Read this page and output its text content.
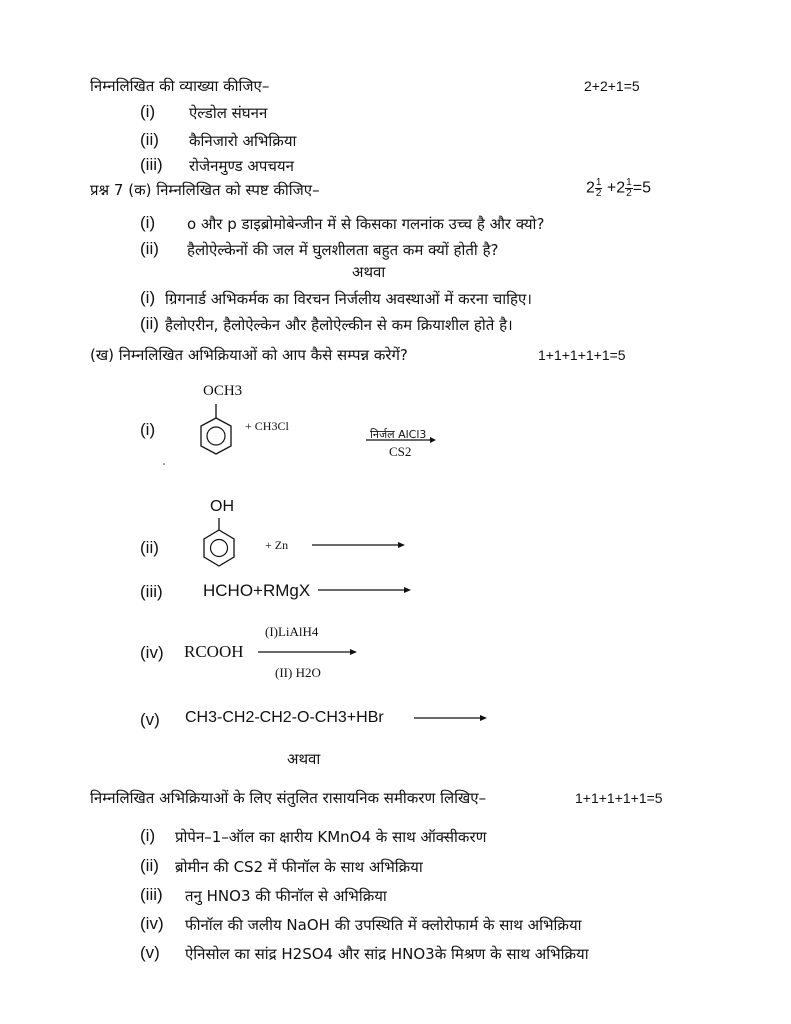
निम्नलिखित की व्याख्या कीजिए–	2+2+1=5
(i) ऐल्डोल संघनन
(ii) कैनिजारो अभिक्रिया
(iii) रोजेनमुण्ड अपचयन
प्रश्न 7 (क) निम्नलिखित को स्पष्ट कीजिए–	$2 \frac{1}{2} +2 \frac{1}{2} =5$
(i) o और p डाइब्रोमोबेन्जीन में से किसका गलनांक उच्च है और क्यो?
(ii) हैलोऐल्केनों की जल में घुलशीलता बहुत कम क्यों होती है?
अथवा
(i) ग्रिगनार्ड अभिकर्मक का विरचन निर्जलीय अवस्थाओं में करना चाहिए।
(ii) हैलोएरीन, हैलोऐल्केन और हैलोऐल्कीन से कम क्रियाशील होते है।
(ख) निम्नलिखित अभिक्रियाओं को आप कैसे सम्पन्न करेगें?	1+1+1+1+1=5
OCH3
(i)	+ CH3Cl
निर्जल AlCl3
CS2
OH
(ii)	+ Zn
(iii) HCHO+RMgX
(I)LiAlH4
(iv) RCOOH
(II) H2O
(v) CH3-CH2-CH2-O-CH3+HBr
अथवा
निम्नलिखित अभिक्रियाओं के लिए संतुलित रासायनिक समीकरण लिखिए–	1+1+1+1+1=5
(i) प्रोपेन–1–ऑल का क्षारीय KMnO4 के साथ ऑक्सीकरण
(ii) ब्रोमीन की CS2 में फीनॉल के साथ अभिक्रिया
(iii) तनु HNO3 की फीनॉल से अभिक्रिया
(iv) फीनॉल की जलीय NaOH की उपस्थिति में क्लोरोफार्म के साथ अभिक्रिया
(v) ऐनिसोल का सांद्र H2SO4 और सांद्र HNO3के मिश्रण के साथ अभिक्रिया
